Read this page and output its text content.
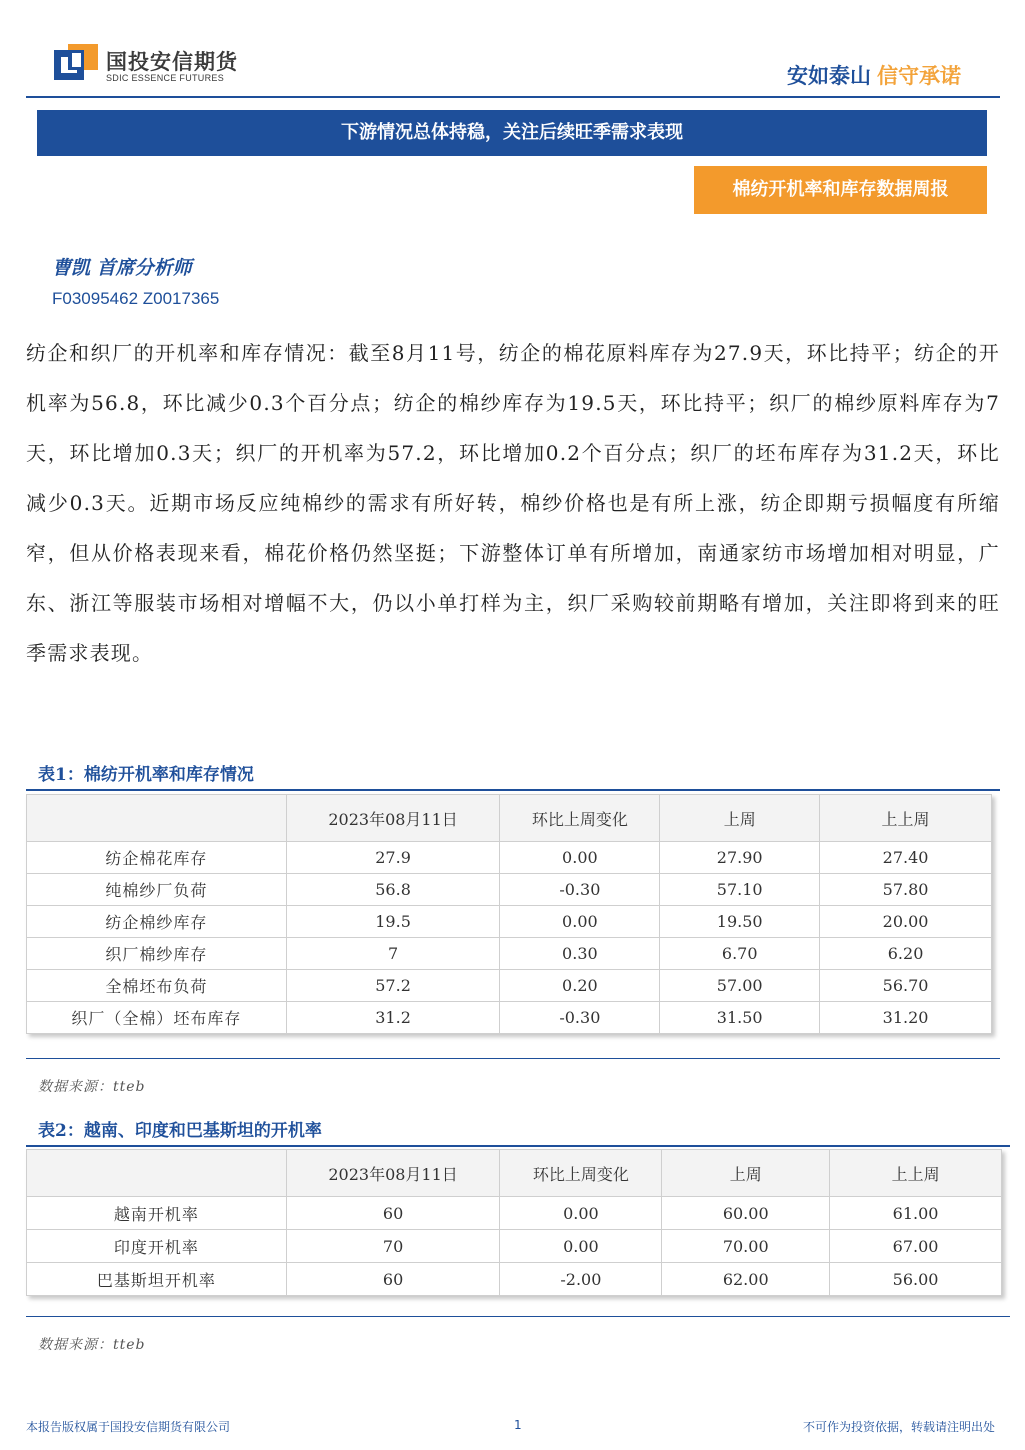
国投安信期货
SDIC ESSENCE FUTURES	安如泰山 信守承诺
下游情况总体持稳，关注后续旺季需求表现
棉纺开机率和库存数据周报
曹凯 首席分析师
F03095462 Z0017365
纺企和织厂的开机率和库存情况：截至8月11号，纺企的棉花原料库存为27.9天，环比持平；纺企的开机率为56.8，环比减少0.3个百分点；纺企的棉纱库存为19.5天，环比持平；织厂的棉纱原料库存为7天，环比增加0.3天；织厂的开机率为57.2，环比增加0.2个百分点；织厂的坯布库存为31.2天，环比减少0.3天。近期市场反应纯棉纱的需求有所好转，棉纱价格也是有所上涨，纺企即期亏损幅度有所缩窄，但从价格表现来看，棉花价格仍然坚挺；下游整体订单有所增加，南通家纺市场增加相对明显，广东、浙江等服装市场相对增幅不大，仍以小单打样为主，织厂采购较前期略有增加，关注即将到来的旺季需求表现。
表1：棉纺开机率和库存情况
	2023年08月11日	环比上周变化	上周	上上周
纺企棉花库存	27.9	0.00	27.90	27.40
纯棉纱厂负荷	56.8	-0.30	57.10	57.80
纺企棉纱库存	19.5	0.00	19.50	20.00
织厂棉纱库存	7	0.30	6.70	6.20
全棉坯布负荷	57.2	0.20	57.00	56.70
织厂（全棉）坯布库存	31.2	-0.30	31.50	31.20
数据来源：tteb
表2：越南、印度和巴基斯坦的开机率
	2023年08月11日	环比上周变化	上周	上上周
越南开机率	60	0.00	60.00	61.00
印度开机率	70	0.00	70.00	67.00
巴基斯坦开机率	60	-2.00	62.00	56.00
数据来源：tteb
本报告版权属于国投安信期货有限公司	1	不可作为投资依据，转载请注明出处
